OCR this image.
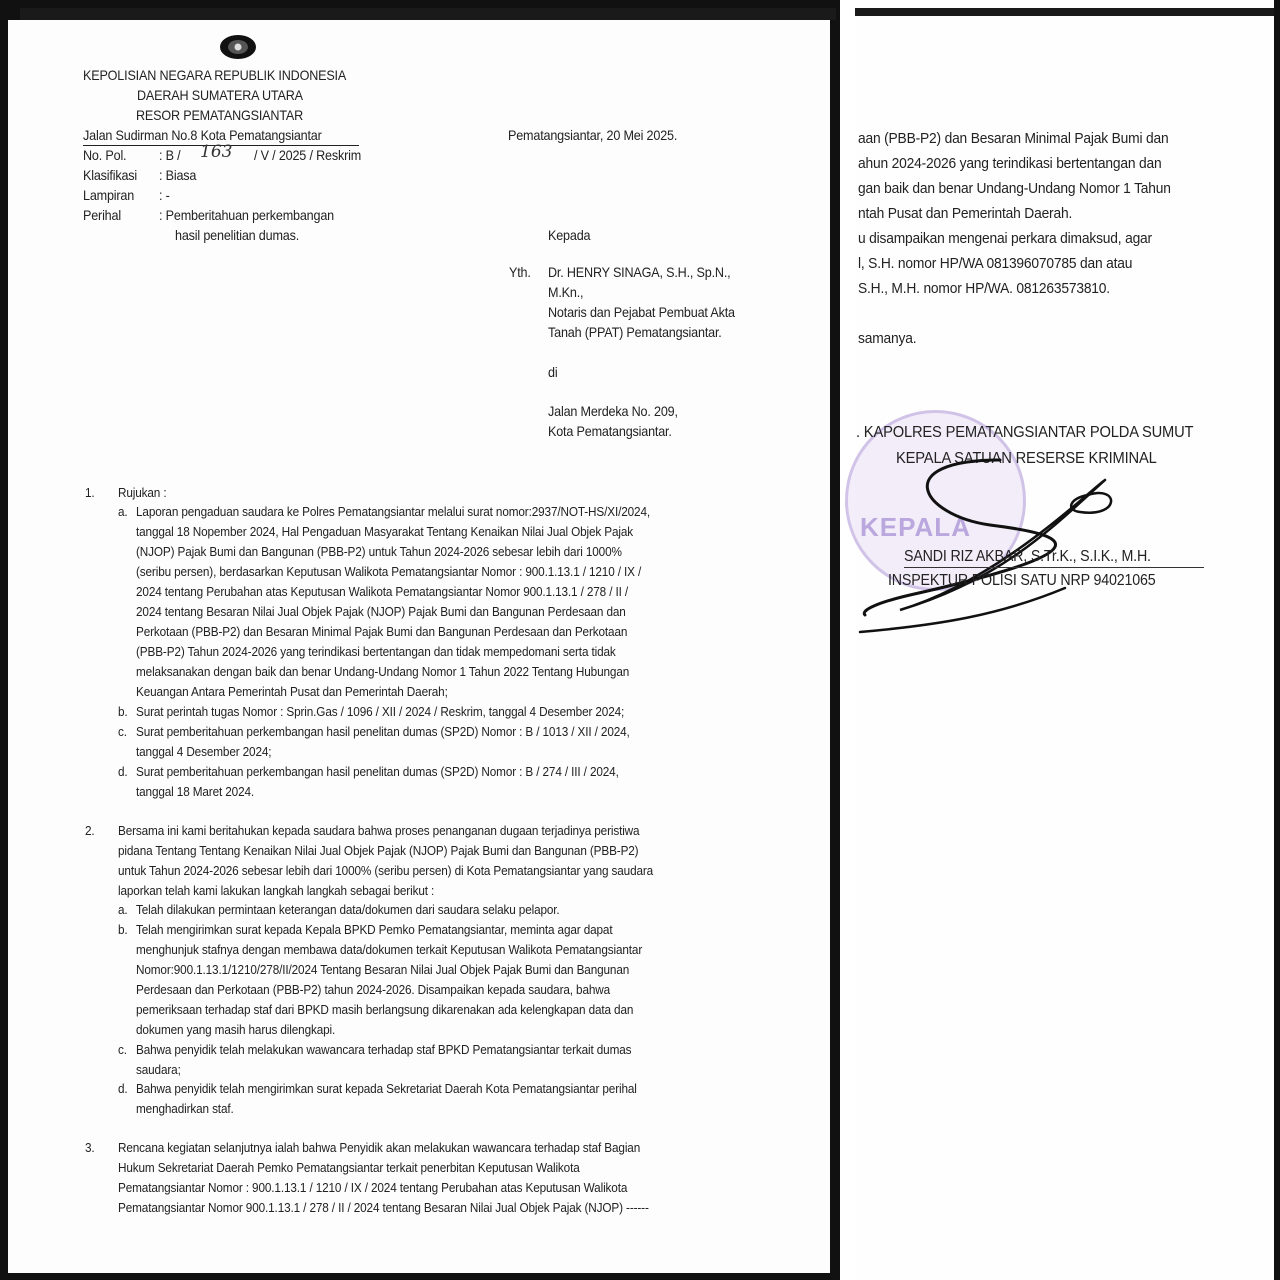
KEPOLISIAN NEGARA REPUBLIK INDONESIA
DAERAH SUMATERA UTARA
RESOR PEMATANGSIANTAR
Jalan Sudirman No.8 Kota Pematangsiantar	Pematangsiantar, 20 Mei 2025.
No. Pol. : B / 163 / V / 2025 / Reskrim
Klasifikasi : Biasa
Lampiran : -
Perihal	: Pemberitahuan perkembangan
hasil penelitian dumas.	Kepada
Yth. Dr. HENRY SINAGA, S.H., Sp.N.,
M.Kn.,
Notaris dan Pejabat Pembuat Akta
Tanah (PPAT) Pematangsiantar.
di
Jalan Merdeka No. 209,
Kota Pematangsiantar.
1. Rujukan :
a. Laporan pengaduan saudara ke Polres Pematangsiantar melalui surat nomor:2937/NOT-HS/XI/2024,
tanggal 18 Nopember 2024, Hal Pengaduan Masyarakat Tentang Kenaikan Nilai Jual Objek Pajak
(NJOP) Pajak Bumi dan Bangunan (PBB-P2) untuk Tahun 2024-2026 sebesar lebih dari 1000%
(seribu persen), berdasarkan Keputusan Walikota Pematangsiantar Nomor : 900.1.13.1 / 1210 / IX /
2024 tentang Perubahan atas Keputusan Walikota Pematangsiantar Nomor 900.1.13.1 / 278 / II /
2024 tentang Besaran Nilai Jual Objek Pajak (NJOP) Pajak Bumi dan Bangunan Perdesaan dan
Perkotaan (PBB-P2) dan Besaran Minimal Pajak Bumi dan Bangunan Perdesaan dan Perkotaan
(PBB-P2) Tahun 2024-2026 yang terindikasi bertentangan dan tidak mempedomani serta tidak
melaksanakan dengan baik dan benar Undang-Undang Nomor 1 Tahun 2022 Tentang Hubungan
Keuangan Antara Pemerintah Pusat dan Pemerintah Daerah;
b. Surat perintah tugas Nomor : Sprin.Gas / 1096 / XII / 2024 / Reskrim, tanggal 4 Desember 2024;
c. Surat pemberitahuan perkembangan hasil penelitan dumas (SP2D) Nomor : B / 1013 / XII / 2024,
tanggal 4 Desember 2024;
d. Surat pemberitahuan perkembangan hasil penelitan dumas (SP2D) Nomor : B / 274 / III / 2024,
tanggal 18 Maret 2024.
2. Bersama ini kami beritahukan kepada saudara bahwa proses penanganan dugaan terjadinya peristiwa
pidana Tentang Tentang Kenaikan Nilai Jual Objek Pajak (NJOP) Pajak Bumi dan Bangunan (PBB-P2)
untuk Tahun 2024-2026 sebesar lebih dari 1000% (seribu persen) di Kota Pematangsiantar yang saudara
laporkan telah kami lakukan langkah langkah sebagai berikut :
a. Telah dilakukan permintaan keterangan data/dokumen dari saudara selaku pelapor.
b. Telah mengirimkan surat kepada Kepala BPKD Pemko Pematangsiantar, meminta agar dapat
menghunjuk stafnya dengan membawa data/dokumen terkait Keputusan Walikota Pematangsiantar
Nomor:900.1.13.1/1210/278/II/2024 Tentang Besaran Nilai Jual Objek Pajak Bumi dan Bangunan
Perdesaan dan Perkotaan (PBB-P2) tahun 2024-2026. Disampaikan kepada saudara, bahwa
pemeriksaan terhadap staf dari BPKD masih berlangsung dikarenakan ada kelengkapan data dan
dokumen yang masih harus dilengkapi.
c. Bahwa penyidik telah melakukan wawancara terhadap staf BPKD Pematangsiantar terkait dumas
saudara;
d. Bahwa penyidik telah mengirimkan surat kepada Sekretariat Daerah Kota Pematangsiantar perihal
menghadirkan staf.
3. Rencana kegiatan selanjutnya ialah bahwa Penyidik akan melakukan wawancara terhadap staf Bagian
Hukum Sekretariat Daerah Pemko Pematangsiantar terkait penerbitan Keputusan Walikota
Pematangsiantar Nomor : 900.1.13.1 / 1210 / IX / 2024 tentang Perubahan atas Keputusan Walikota
Pematangsiantar Nomor 900.1.13.1 / 278 / II / 2024 tentang Besaran Nilai Jual Objek Pajak (NJOP) ------
aan (PBB-P2) dan Besaran Minimal Pajak Bumi dan
ahun 2024-2026 yang terindikasi bertentangan dan
gan baik dan benar Undang-Undang Nomor 1 Tahun
ntah Pusat dan Pemerintah Daerah.
u disampaikan mengenai perkara dimaksud, agar
l, S.H. nomor HP/WA 081396070785 dan atau
S.H., M.H. nomor HP/WA. 081263573810.
samanya.
KEPALA
. KAPOLRES PEMATANGSIANTAR POLDA SUMUT
KEPALA SATUAN RESERSE KRIMINAL
SANDI RIZ AKBAR, S.Tr.K., S.I.K., M.H.
INSPEKTUR POLISI SATU NRP 94021065
